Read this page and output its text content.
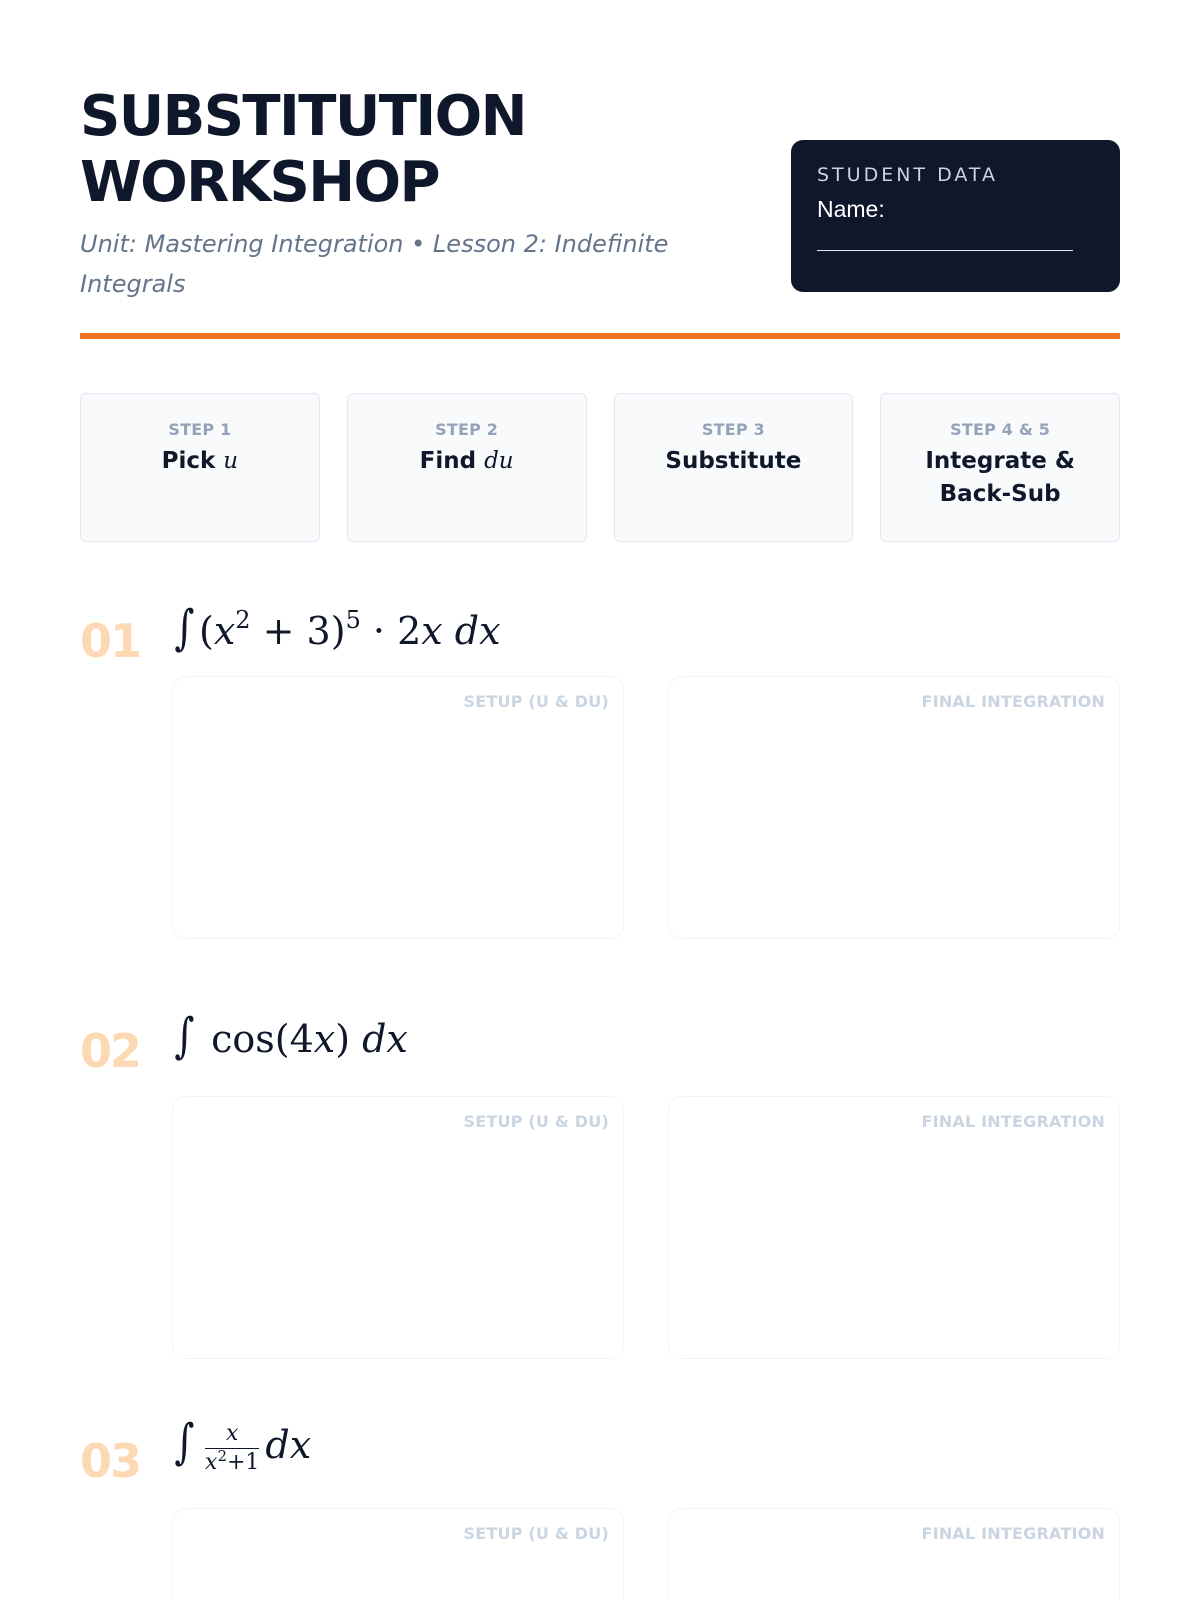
SUBSTITUTION WORKSHOP
Unit: Mastering Integration • Lesson 2: Indefinite Integrals
STUDENT DATA
Name:
STEP 1
Pick u
STEP 2
Find du
STEP 3
Substitute
STEP 4 & 5
Integrate & Back-Sub
01 ∫ $(x^2 + 3)^5 \cdot 2x$ dx
SETUP (U & DU)	FINAL INTEGRATION
02 ∫ cos(4x) dx
SETUP (U & DU)	FINAL INTEGRATION
03 ∫ $\frac{x}{x^2+1}$ dx
SETUP (U & DU)	FINAL INTEGRATION
